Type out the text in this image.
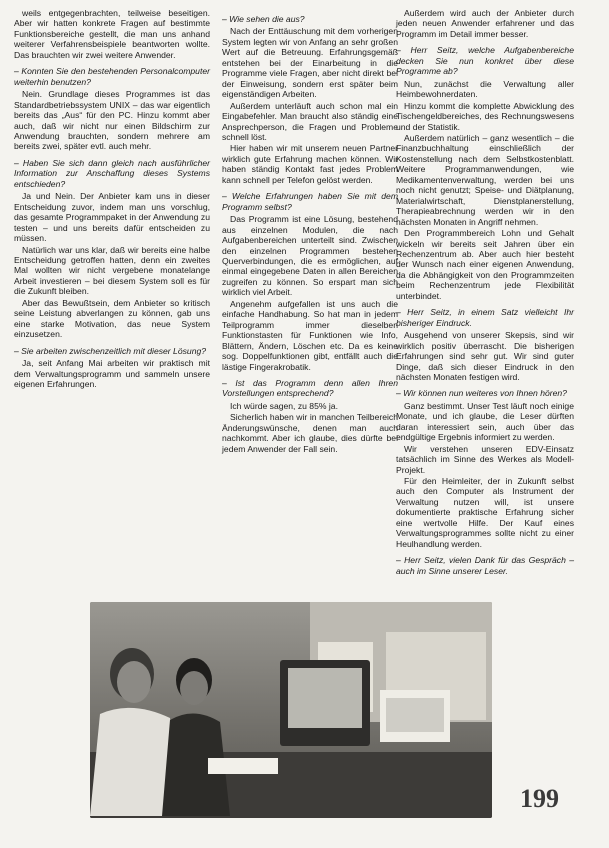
weils entgegenbrachten, teilweise beseitigen. Aber wir hatten konkrete Fragen auf bestimmte Funktionsbereiche gestellt, die man uns anhand weiterer Verfahrensbeispiele beantworten wollte. Das brauchten wir zwei weitere Anwender.

– Konnten Sie den bestehenden Personalcomputer weiterhin benutzen?

Nein. Grundlage dieses Programmes ist das Standardbetriebssystem UNIX – das war eigentlich bereits das „Aus“ für den PC. Hinzu kommt aber auch, daß wir nicht nur einen Bildschirm zur Anwendung brauchten, sondern mehrere am bereits zwei, später evtl. auch mehr.

– Haben Sie sich dann gleich nach ausführlicher Information zur Anschaffung dieses Systems entschieden?

Ja und Nein. Der Anbieter kam uns in dieser Entscheidung zuvor, indem man uns vorschlug, das gesamte Programmpaket in der Anwendung zu testen – und uns bereits dafür entscheiden zu müssen.

Natürlich war uns klar, daß wir bereits eine halbe Entscheidung getroffen hatten, denn ein zweites Mal wollten wir nicht vergebene monatelange Arbeit investieren – bei diesem System soll es für die Zukunft bleiben.

Aber das Bewußtsein, dem Anbieter so kritisch seine Leistung abverlangen zu können, gab uns eine starke Motivation, das neue System einzusetzen.

– Sie arbeiten zwischenzeitlich mit dieser Lösung?

Ja, seit Anfang Mai arbeiten wir praktisch mit dem Verwaltungsprogramm und sammeln unsere eigenen Erfahrungen.

– Wie sehen die aus?

Nach der Enttäuschung mit dem vorherigen System legten wir von Anfang an sehr großen Wert auf die Betreuung. Erfahrungsgemäß entstehen bei der Einarbeitung in die Programme viele Fragen, aber nicht direkt bei der Einweisung, sondern erst später beim eigenständigen Arbeiten.

Außerdem unterläuft auch schon mal ein Eingabefehler. Man braucht also ständig eine Ansprechperson, die Fragen und Probleme schnell löst.

Hier haben wir mit unserem neuen Partner wirklich gute Erfahrung machen können. Wir haben ständig Kontakt fast jedes Problem kann schnell per Telefon gelöst werden.

– Welche Erfahrungen haben Sie mit dem Programm selbst?

Das Programm ist eine Lösung, bestehend aus einzelnen Modulen, die nach Aufgabenbereichen unterteilt sind. Zwischen den einzelnen Programmen bestehen Querverbindungen, die es ermöglichen, auf einmal eingegebene Daten in allen Bereichen zugreifen zu können. So erspart man sich wirklich viel Arbeit.

Angenehm aufgefallen ist uns auch die einfache Handhabung. So hat man in jedem Teilprogramm immer dieselben Funktionstasten für Funktionen wie Info, Blättern, Ändern, Löschen etc. Da es keine sog. Doppelfunktionen gibt, entfällt auch die lästige Fingerakrobatik.

– Ist das Programm denn allen Ihren Vorstellungen entsprechend?

Ich würde sagen, zu 85% ja.

Sicherlich haben wir in manchen Teilbereich Änderungswünsche, denen man auch nachkommt. Aber ich glaube, dies dürfte bei jedem Anwender der Fall sein.

Außerdem wird auch der Anbieter durch jeden neuen Anwender erfahrener und das Programm im Detail immer besser.

– Herr Seitz, welche Aufgabenbereiche decken Sie nun konkret über diese Programme ab?

Nun, zunächst die Verwaltung aller Heimbewohnerdaten.

Hinzu kommt die komplette Abwicklung des Tischengeldbereiches, des Rechnungswesens und der Statistik.

Außerdem natürlich – ganz wesentlich – die Finanzbuchhaltung einschließlich der Kostenstellung nach dem Selbstkostenblatt. Weitere Programmanwendungen, wie Medikamentenverwaltung, werden bei uns noch nicht genutzt; Speise- und Diätplanung, Materialwirtschaft, Dienstplanerstellung, Therapieabrechnung werden wir in den nächsten Monaten in Angriff nehmen.

Den Programmbereich Lohn und Gehalt wickeln wir bereits seit Jahren über ein Rechenzentrum ab. Aber auch hier besteht der Wunsch nach einer eigenen Anwendung, da die Abhängigkeit von den Programmzeiten beim Rechenzentrum jede Flexibilität unterbindet.

– Herr Seitz, in einem Satz vielleicht Ihr bisheriger Eindruck.

Ausgehend von unserer Skepsis, sind wir wirklich positiv überrascht. Die bisherigen Erfahrungen sind sehr gut. Wir sind guter Dinge, daß sich dieser Eindruck in den nächsten Monaten festigen wird.

– Wir können nun weiteres von Ihnen hören?

Ganz bestimmt. Unser Test läuft noch einige Monate, und ich glaube, die Leser dürften daran interessiert sein, auch über das endgültige Ergebnis informiert zu werden.

Wir verstehen unseren EDV-Einsatz tatsächlich im Sinne des Werkes als Modell-Projekt.

Für den Heimleiter, der in Zukunft selbst auch den Computer als Instrument der Verwaltung nutzen will, ist unsere dokumentierte praktische Erfahrung sicher eine wertvolle Hilfe. Der Kauf eines Verwaltungsprogrammes sollte nicht zu einer Heulhandlung werden.

– Herr Seitz, vielen Dank für das Gespräch – auch im Sinne unserer Leser.

199
